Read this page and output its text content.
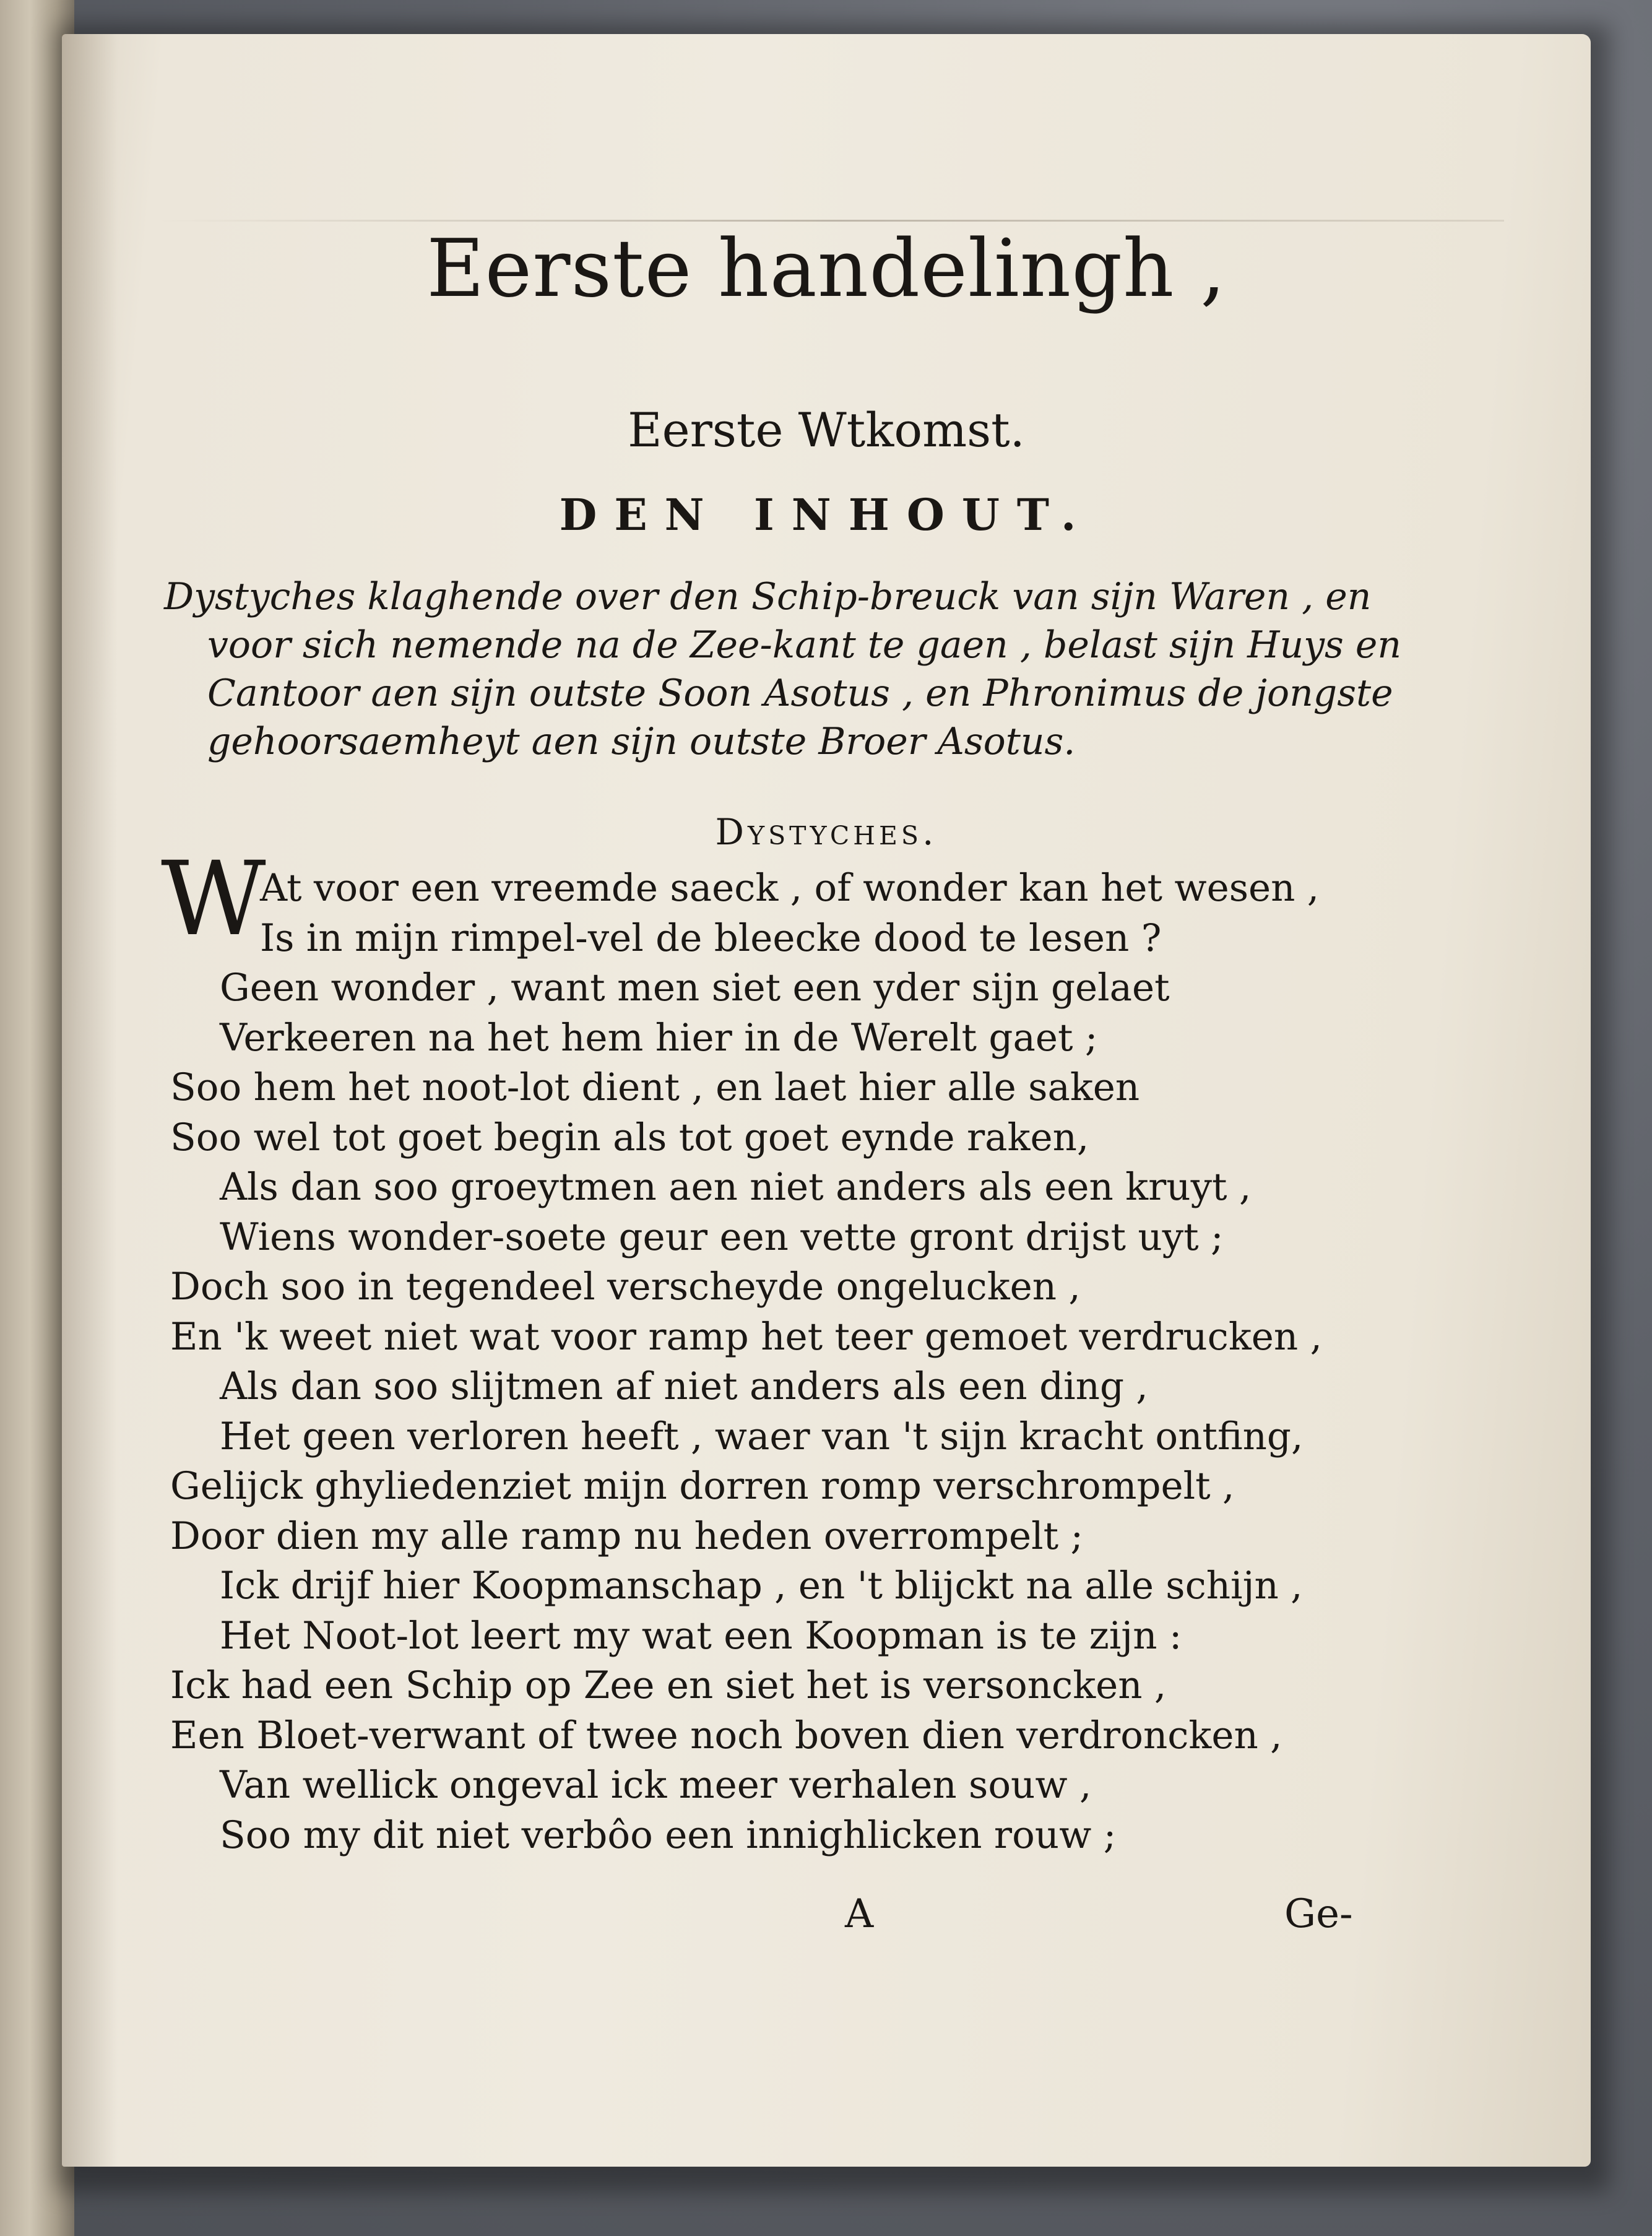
Eerste handelingh ,
Eerste Wtkomst.
DEN INHOUT.
Dystyches klaghende over den Schip-breuck van sijn Waren , en
voor sich nemende na de Zee-kant te gaen , belast sijn Huys en
Cantoor aen sijn outste Soon Asotus , en Phronimus de jongste
gehoorsaemheyt aen sijn outste Broer Asotus.
Dystyches.
W
At voor een vreemde saeck , of wonder kan het wesen ,
Is in mijn rimpel-vel de bleecke dood te lesen ?
Geen wonder , want men siet een yder sijn gelaet
Verkeeren na het hem hier in de Werelt gaet ;
Soo hem het noot-lot dient , en laet hier alle saken
Soo wel tot goet begin als tot goet eynde raken,
Als dan soo groeytmen aen niet anders als een kruyt ,
Wiens wonder-soete geur een vette gront drijst uyt ;
Doch soo in tegendeel verscheyde ongelucken ,
En 'k weet niet wat voor ramp het teer gemoet verdrucken ,
Als dan soo slijtmen af niet anders als een ding ,
Het geen verloren heeft , waer van 't sijn kracht ontfing,
Gelijck ghyliedenziet mijn dorren romp verschrompelt ,
Door dien my alle ramp nu heden overrompelt ;
Ick drijf hier Koopmanschap , en 't blijckt na alle schijn ,
Het Noot-lot leert my wat een Koopman is te zijn :
Ick had een Schip op Zee en siet het is versoncken ,
Een Bloet-verwant of twee noch boven dien verdroncken ,
Van wellick ongeval ick meer verhalen souw ,
Soo my dit niet verbôo een innighlicken rouw ;
A	Ge-
